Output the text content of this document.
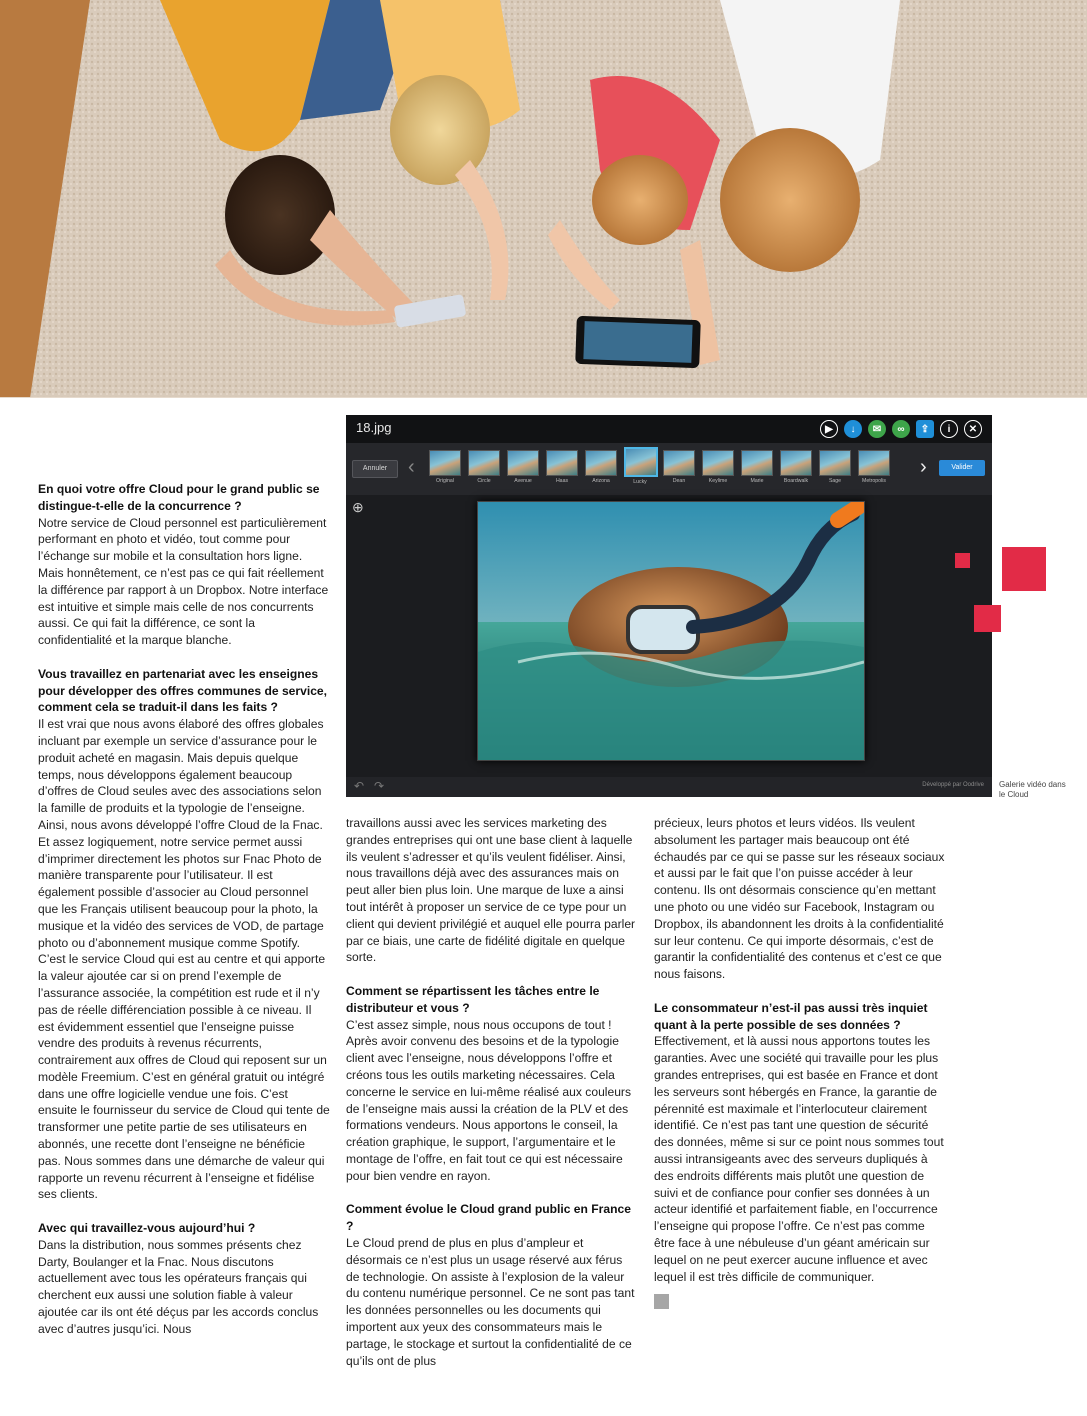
18.jpg	▶	↓	✉	∞	⇪	i	✕
Annuler	‹
Original	Circle	Avenue	Haas	Arizona	Lucky	Dean	Keylime	Marie	Boardwalk	Sage	Metropolis
›	Valider
⊕
↶   ↷	Développé par Oodrive Galerie vidéo dans le Cloud
En quoi votre offre Cloud pour le grand public se distingue-t-elle de la concurrence ?

Notre service de Cloud personnel est particulièrement performant en photo et vidéo, tout comme pour l’échange sur mobile et la consultation hors ligne. Mais honnêtement, ce n’est pas ce qui fait réellement la différence par rapport à un Dropbox. Notre interface est intuitive et simple mais celle de nos concurrents aussi. Ce qui fait la différence, ce sont la confidentialité et la marque blanche.

Vous travaillez en partenariat avec les enseignes pour développer des offres communes de service, comment cela se traduit-il dans les faits ?

Il est vrai que nous avons élaboré des offres globales incluant par exemple un service d’assurance pour le produit acheté en magasin. Mais depuis quelque temps, nous développons également beaucoup d’offres de Cloud seules avec des associations selon la famille de produits et la typologie de l’enseigne. Ainsi, nous avons développé l’offre Cloud de la Fnac. Et assez logiquement, notre service permet aussi d’imprimer directement les photos sur Fnac Photo de manière transparente pour l’utilisateur. Il est également possible d’associer au Cloud personnel que les Français utilisent beaucoup pour la photo, la musique et la vidéo des services de VOD, de partage photo ou d’abonnement musique comme Spotify. C’est le service Cloud qui est au centre et qui apporte la valeur ajoutée car si on prend l’exemple de l’assurance associée, la compétition est rude et il n’y pas de réelle différenciation possible à ce niveau. Il est évidemment essentiel que l’enseigne puisse vendre des produits à revenus récurrents, contrairement aux offres de Cloud qui reposent sur un modèle Freemium. C’est en général gratuit ou intégré dans une offre logicielle vendue une fois. C’est ensuite le fournisseur du service de Cloud qui tente de transformer une petite partie de ses utilisateurs en abonnés, une recette dont l’enseigne ne bénéficie pas. Nous sommes dans une démarche de valeur qui rapporte un revenu récurrent à l’enseigne et fidélise ses clients.

Avec qui travaillez-vous aujourd’hui ?

Dans la distribution, nous sommes présents chez Darty, Boulanger et la Fnac. Nous discutons actuellement avec tous les opérateurs français qui cherchent eux aussi une solution fiable à valeur ajoutée car ils ont été déçus par les accords conclus avec d’autres jusqu’ici. Nous

travaillons aussi avec les services marketing des grandes entreprises qui ont une base client à laquelle ils veulent s’adresser et qu’ils veulent fidéliser. Ainsi, nous travaillons déjà avec des assurances mais on peut aller bien plus loin. Une marque de luxe a ainsi tout intérêt à proposer un service de ce type pour un client qui devient privilégié et auquel elle pourra parler par ce biais, une carte de fidélité digitale en quelque sorte.

Comment se répartissent les tâches entre le distributeur et vous ?

C’est assez simple, nous nous occupons de tout ! Après avoir convenu des besoins et de la typologie client avec l’enseigne, nous développons l’offre et créons tous les outils marketing nécessaires. Cela concerne le service en lui-même réalisé aux couleurs de l’enseigne mais aussi la création de la PLV et des formations vendeurs. Nous apportons le conseil, la création graphique, le support, l’argumentaire et le montage de l’offre, en fait tout ce qui est nécessaire pour bien vendre en rayon.

Comment évolue le Cloud grand public en France ?

Le Cloud prend de plus en plus d’ampleur et désormais ce n’est plus un usage réservé aux férus de technologie. On assiste à l’explosion de la valeur du contenu numérique personnel. Ce ne sont pas tant les données personnelles ou les documents qui importent aux yeux des consommateurs mais le partage, le stockage et surtout la confidentialité de ce qu’ils ont de plus

précieux, leurs photos et leurs vidéos. Ils veulent absolument les partager mais beaucoup ont été échaudés par ce qui se passe sur les réseaux sociaux et aussi par le fait que l’on puisse accéder à leur contenu. Ils ont désormais conscience qu’en mettant une photo ou une vidéo sur Facebook, Instagram ou Dropbox, ils abandonnent les droits à la confidentialité sur leur contenu. Ce qui importe désormais, c’est de garantir la confidentialité des contenus et c’est ce que nous faisons.

Le consommateur n’est-il pas aussi très inquiet quant à la perte possible de ses données ?

Effectivement, et là aussi nous apportons toutes les garanties. Avec une société qui travaille pour les plus grandes entreprises, qui est basée en France et dont les serveurs sont hébergés en France, la garantie de pérennité est maximale et l’interlocuteur clairement identifié. Ce n’est pas tant une question de sécurité des données, même si sur ce point nous sommes tout aussi intransigeants avec des serveurs dupliqués à des endroits différents mais plutôt une question de suivi et de confiance pour confier ses données à un acteur identifié et parfaitement fiable, en l’occurrence l’enseigne qui propose l’offre. Ce n’est pas comme être face à une nébuleuse d’un géant américain sur lequel on ne peut exercer aucune influence et avec lequel il est très difficile de communiquer.
